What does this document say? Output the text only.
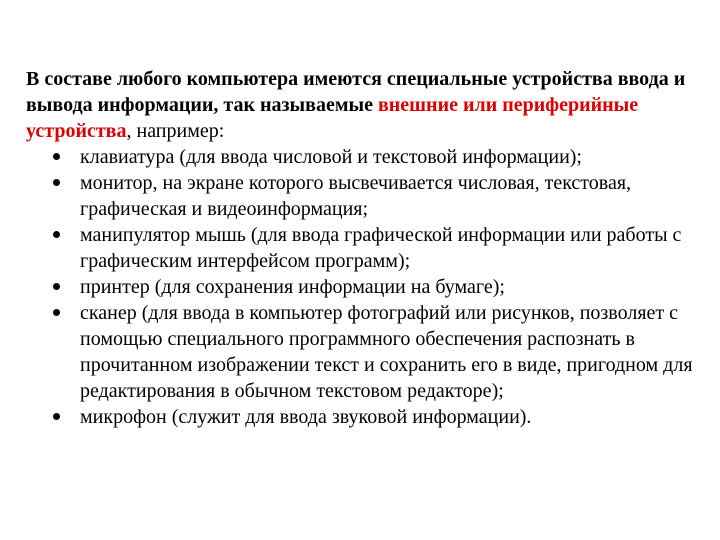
В составе любого компьютера имеются специальные устройства ввода и вывода информации, так называемые внешние или периферийные устройства, например:

клавиатура (для ввода числовой и текстовой информации);
монитор, на экране которого высвечивается числовая, текстовая, графическая и видеоинформация;
манипулятор мышь (для ввода графической информации или работы с графическим интерфейсом программ);
принтер (для сохранения информации на бумаге);
сканер (для ввода в компьютер фотографий или рисунков, позволяет с помощью специального программного обеспечения распознать в прочитанном изображении текст и сохранить его в виде, пригодном для редактирования в обычном текстовом редакторе);
микрофон (служит для ввода звуковой информации).
